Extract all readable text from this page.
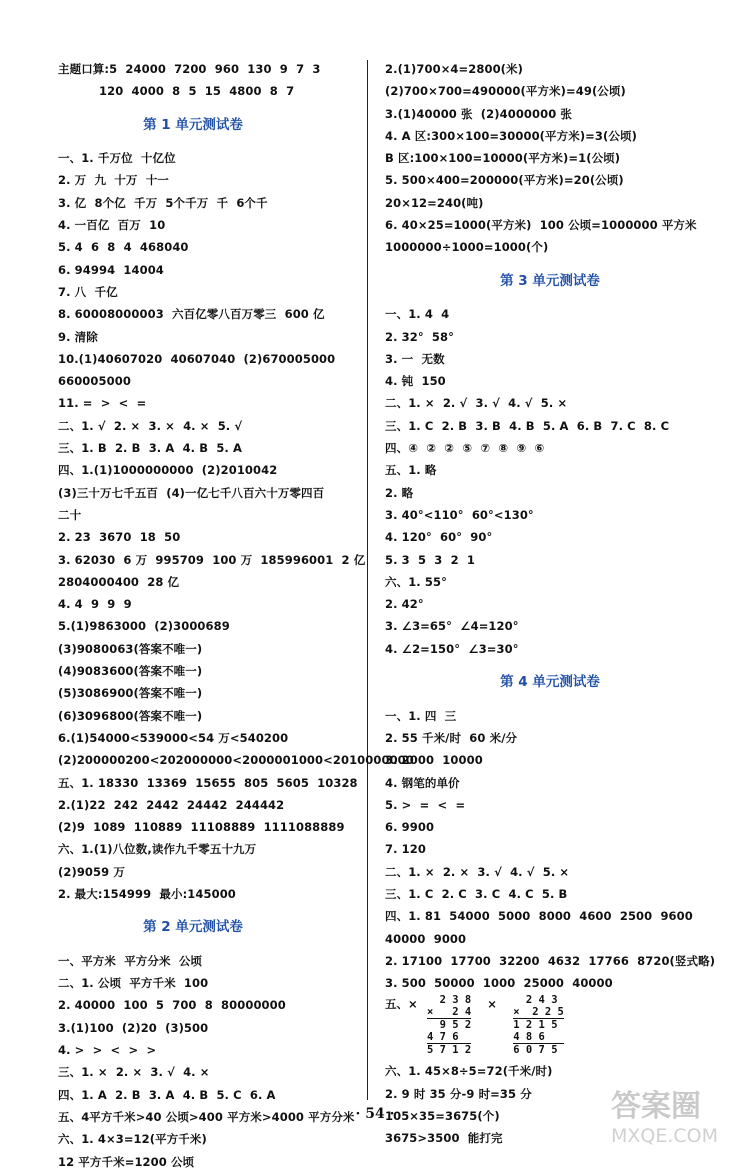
主题口算:5  24000  7200  960  130  9  7  3
120  4000  8  5  15  4800  8  7
第 1 单元测试卷
一、1. 千万位  十亿位
2. 万  九  十万  十一
3. 亿  8个亿  千万  5个千万  千  6个千
4. 一百亿  百万  10
5. 4  6  8  4  468040
6. 94994  14004
7. 八  千亿
8. 60008000003  六百亿零八百万零三  600 亿
9. 清除
10.(1)40607020  40607040  (2)670005000
660005000
11. =  >  <  =
二、1. √  2. ×  3. ×  4. ×  5. √
三、1. B  2. B  3. A  4. B  5. A
四、1.(1)1000000000  (2)2010042
(3)三十万七千五百  (4)一亿七千八百六十万零四百
二十
2. 23  3670  18  50
3. 62030  6 万  995709  100 万  185996001  2 亿
2804000400  28 亿
4. 4  9  9  9
5.(1)9863000  (2)3000689
(3)9080063(答案不唯一)
(4)9083600(答案不唯一)
(5)3086900(答案不唯一)
(6)3096800(答案不唯一)
6.(1)54000<539000<54 万<540200
(2)200000200<202000000<2000001000<2010000000
五、1. 18330  13369  15655  805  5605  10328
2.(1)22  242  2442  24442  244442
(2)9  1089  110889  11108889  1111088889
六、1.(1)八位数,读作九千零五十九万
(2)9059 万
2. 最大:154999  最小:145000
第 2 单元测试卷
一、平方米  平方分米  公顷
二、1. 公顷  平方千米  100
2. 40000  100  5  700  8  80000000
3.(1)100  (2)20  (3)500
4. >  >  <  >  >
三、1. ×  2. ×  3. √  4. ×
四、1. A  2. B  3. A  4. B  5. C  6. A
五、4平方千米>40 公顷>400 平方米>4000 平方分米
六、1. 4×3=12(平方千米)
12 平方千米=1200 公顷
2.(1)700×4=2800(米)
(2)700×700=490000(平方米)=49(公顷)
3.(1)40000 张  (2)4000000 张
4. A 区:300×100=30000(平方米)=3(公顷)
B 区:100×100=10000(平方米)=1(公顷)
5. 500×400=200000(平方米)=20(公顷)
20×12=240(吨)
6. 40×25=1000(平方米)  100 公顷=1000000 平方米
1000000÷1000=1000(个)
第 3 单元测试卷
一、1. 4  4
2. 32°  58°
3. 一  无数
4. 钝  150
二、1. ×  2. √  3. √  4. √  5. ×
三、1. C  2. B  3. B  4. B  5. A  6. B  7. C  8. C
四、④  ②  ②  ⑤  ⑦  ⑧  ⑨  ⑥
五、1. 略
2. 略
3. 40°<110°  60°<130°
4. 120°  60°  90°
5. 3  5  3  2  1
六、1. 55°
2. 42°
3. ∠3=65°  ∠4=120°
4. ∠2=150°  ∠3=30°
第 4 单元测试卷
一、1. 四  三
2. 55 千米/时  60 米/分
3. 2000  10000
4. 钢笔的单价
5. >  =  <  =
6. 9900
7. 120
二、1. ×  2. ×  3. √  4. √  5. ×
三、1. C  2. C  3. C  4. C  5. B
四、1. 81  54000  5000  8000  4600  2500  9600
40000  9000
2. 17100  17700  32200  4632  17766  8720(竖式略)
3. 500  50000  1000  25000  40000
五、× 2 3 8
×   2 4
9 5 2
4 7 6
5 7 1 2
×	2 4 3
×  2 2 5
1 2 1 5
4 8 6
6 0 7 5
六、1. 45×8÷5=72(千米/时)
2. 9 时 35 分-9 时=35 分
105×35=3675(个)
3675>3500  能打完
· 54 ·	答案圈
MXQE.COM
